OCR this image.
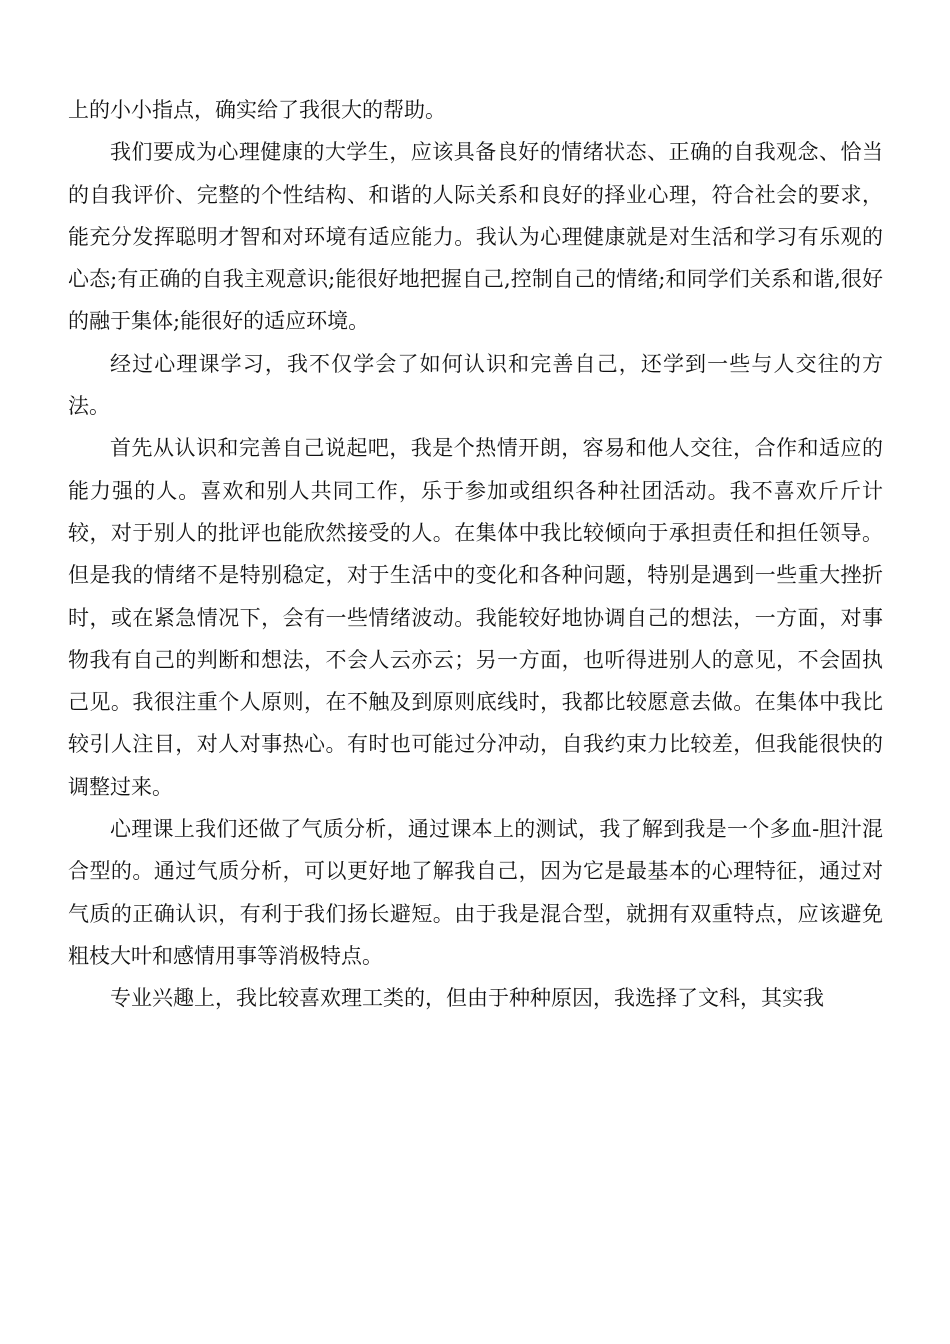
上的小小指点，确实给了我很大的帮助。

我们要成为心理健康的大学生，应该具备良好的情绪状态、正确的自我观念、恰当的自我评价、完整的个性结构、和谐的人际关系和良好的择业心理，符合社会的要求，能充分发挥聪明才智和对环境有适应能力。我认为心理健康就是对生活和学习有乐观的心态;有正确的自我主观意识;能很好地把握自己,控制自己的情绪;和同学们关系和谐,很好的融于集体;能很好的适应环境。

经过心理课学习，我不仅学会了如何认识和完善自己，还学到一些与人交往的方法。

首先从认识和完善自己说起吧，我是个热情开朗，容易和他人交往，合作和适应的能力强的人。喜欢和别人共同工作，乐于参加或组织各种社团活动。我不喜欢斤斤计较，对于别人的批评也能欣然接受的人。在集体中我比较倾向于承担责任和担任领导。但是我的情绪不是特别稳定，对于生活中的变化和各种问题，特别是遇到一些重大挫折时，或在紧急情况下，会有一些情绪波动。我能较好地协调自己的想法，一方面，对事物我有自己的判断和想法，不会人云亦云；另一方面，也听得进别人的意见，不会固执己见。我很注重个人原则，在不触及到原则底线时，我都比较愿意去做。在集体中我比较引人注目，对人对事热心。有时也可能过分冲动，自我约束力比较差，但我能很快的调整过来。

心理课上我们还做了气质分析，通过课本上的测试，我了解到我是一个多血-胆汁混合型的。通过气质分析，可以更好地了解我自己，因为它是最基本的心理特征，通过对气质的正确认识，有利于我们扬长避短。由于我是混合型，就拥有双重特点，应该避免粗枝大叶和感情用事等消极特点。

专业兴趣上，我比较喜欢理工类的，但由于种种原因，我选择了文科，其实我
